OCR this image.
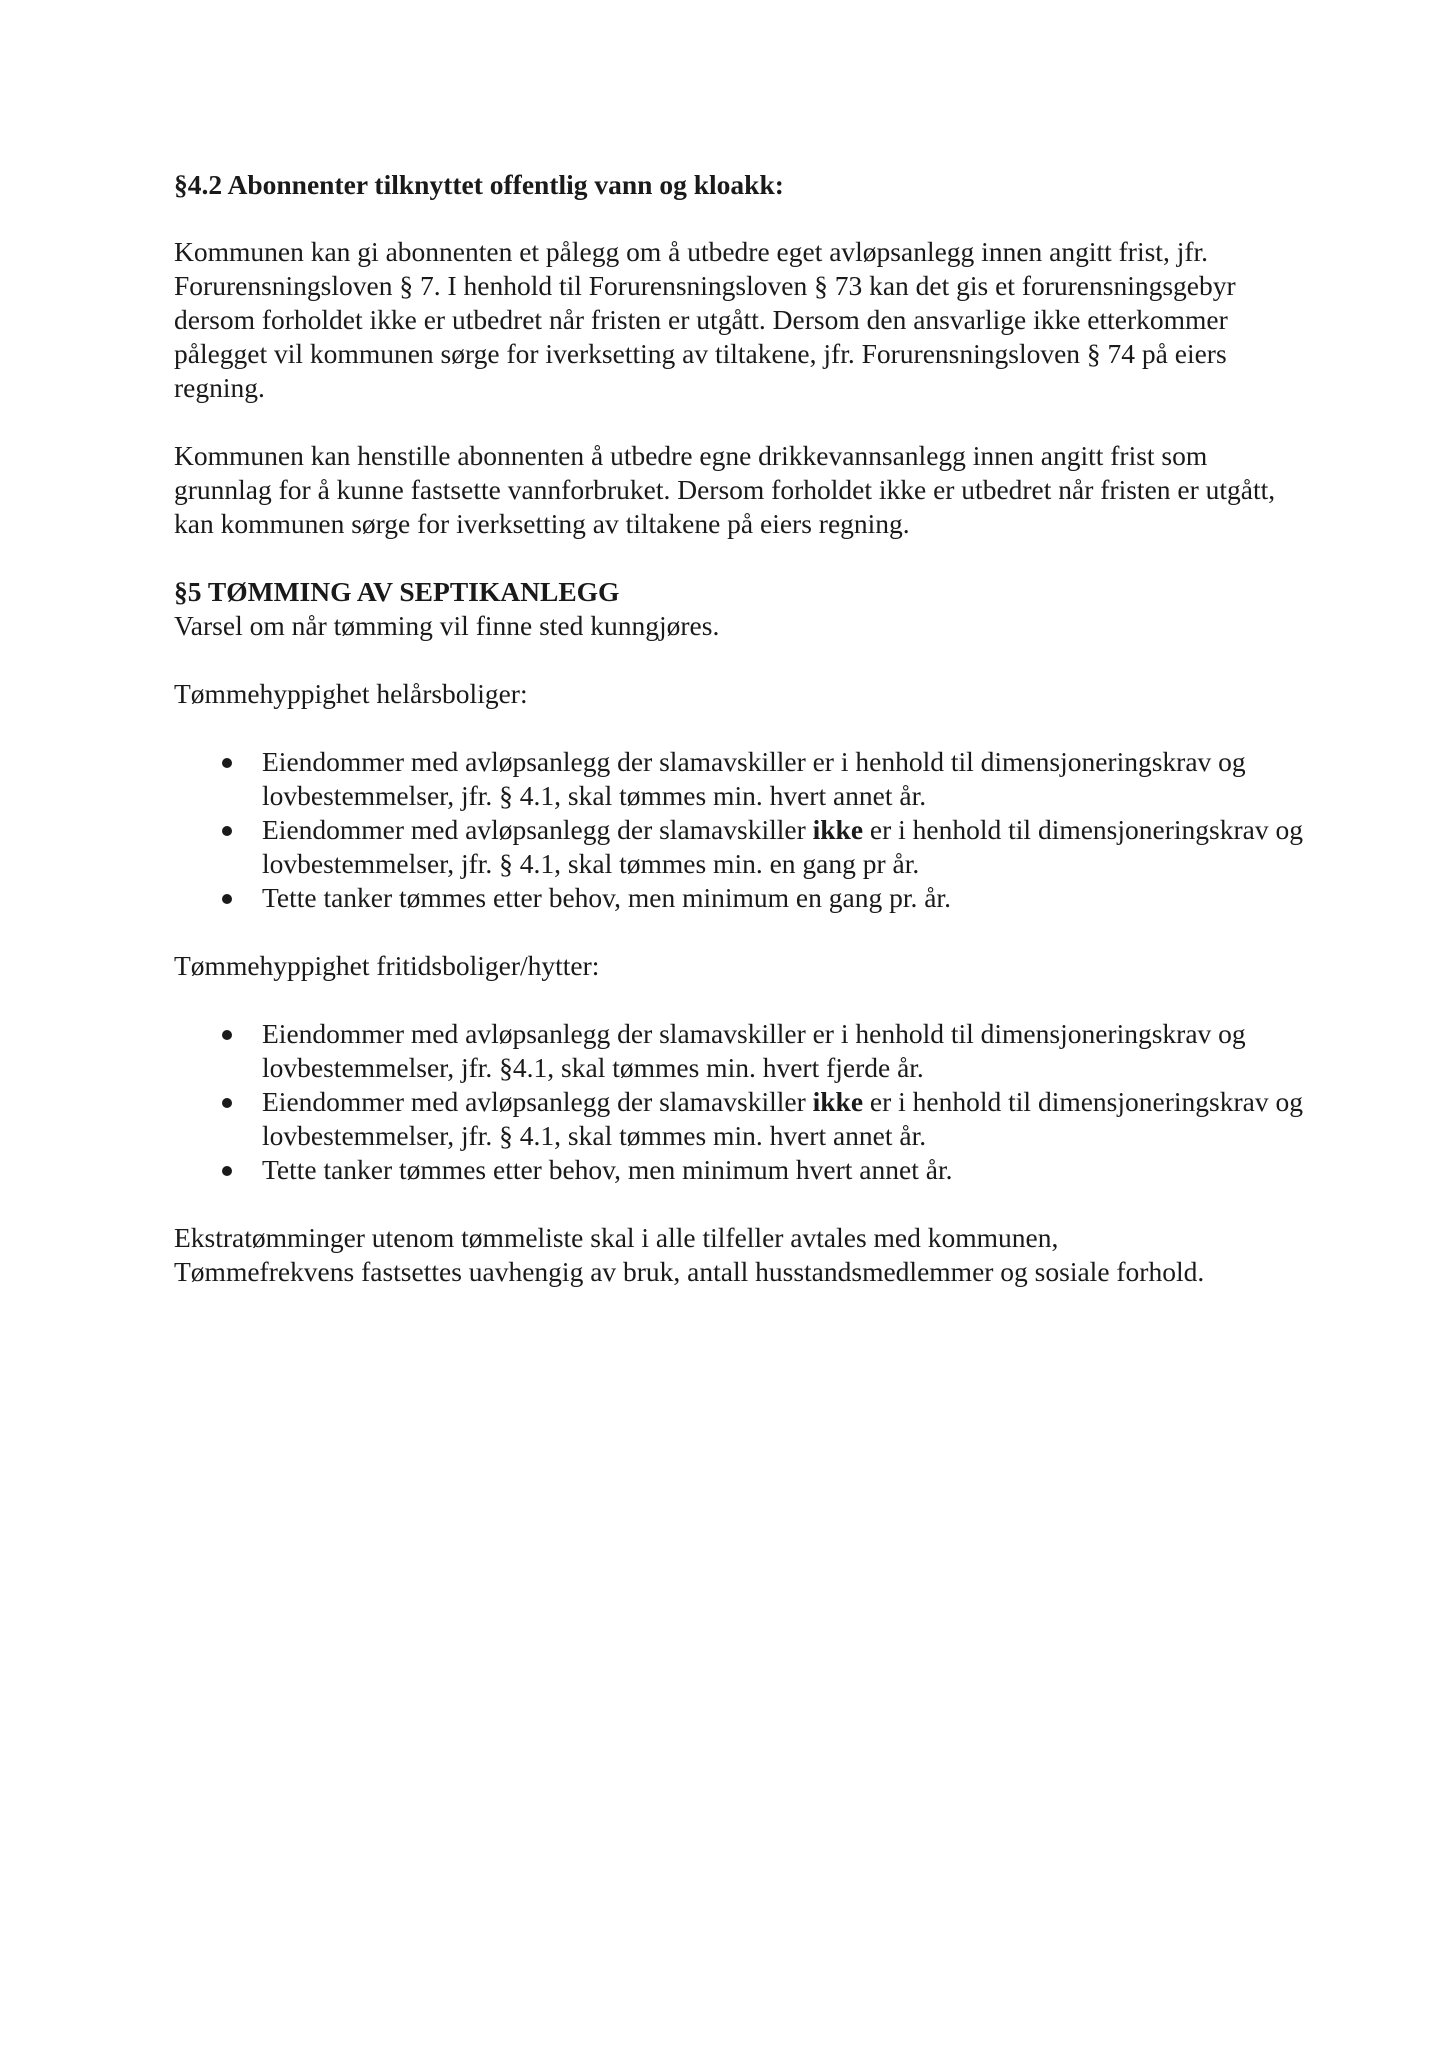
§4.2 Abonnenter tilknyttet offentlig vann og kloakk:

Kommunen kan gi abonnenten et pålegg om å utbedre eget avløpsanlegg innen angitt frist, jfr. Forurensningsloven § 7. I henhold til Forurensningsloven § 73 kan det gis et forurensningsgebyr dersom forholdet ikke er utbedret når fristen er utgått. Dersom den ansvarlige ikke etterkommer pålegget vil kommunen sørge for iverksetting av tiltakene, jfr. Forurensningsloven § 74 på eiers regning.

Kommunen kan henstille abonnenten å utbedre egne drikkevannsanlegg innen angitt frist som grunnlag for å kunne fastsette vannforbruket. Dersom forholdet ikke er utbedret når fristen er utgått, kan kommunen sørge for iverksetting av tiltakene på eiers regning.

§5 TØMMING AV SEPTIKANLEGG

Varsel om når tømming vil finne sted kunngjøres.

Tømmehyppighet helårsboliger:

Eiendommer med avløpsanlegg der slamavskiller er i henhold til dimensjoneringskrav og lovbestemmelser, jfr. § 4.1, skal tømmes min. hvert annet år.
Eiendommer med avløpsanlegg der slamavskiller ikke er i henhold til dimensjoneringskrav og lovbestemmelser, jfr. § 4.1, skal tømmes min. en gang pr år.
Tette tanker tømmes etter behov, men minimum en gang pr. år.

Tømmehyppighet fritidsboliger/hytter:

Eiendommer med avløpsanlegg der slamavskiller er i henhold til dimensjoneringskrav og lovbestemmelser, jfr. §4.1, skal tømmes min. hvert fjerde år.
Eiendommer med avløpsanlegg der slamavskiller ikke er i henhold til dimensjoneringskrav og lovbestemmelser, jfr. § 4.1, skal tømmes min. hvert annet år.
Tette tanker tømmes etter behov, men minimum hvert annet år.

Ekstratømminger utenom tømmeliste skal i alle tilfeller avtales med kommunen,

Tømmefrekvens fastsettes uavhengig av bruk, antall husstandsmedlemmer og sosiale forhold.
